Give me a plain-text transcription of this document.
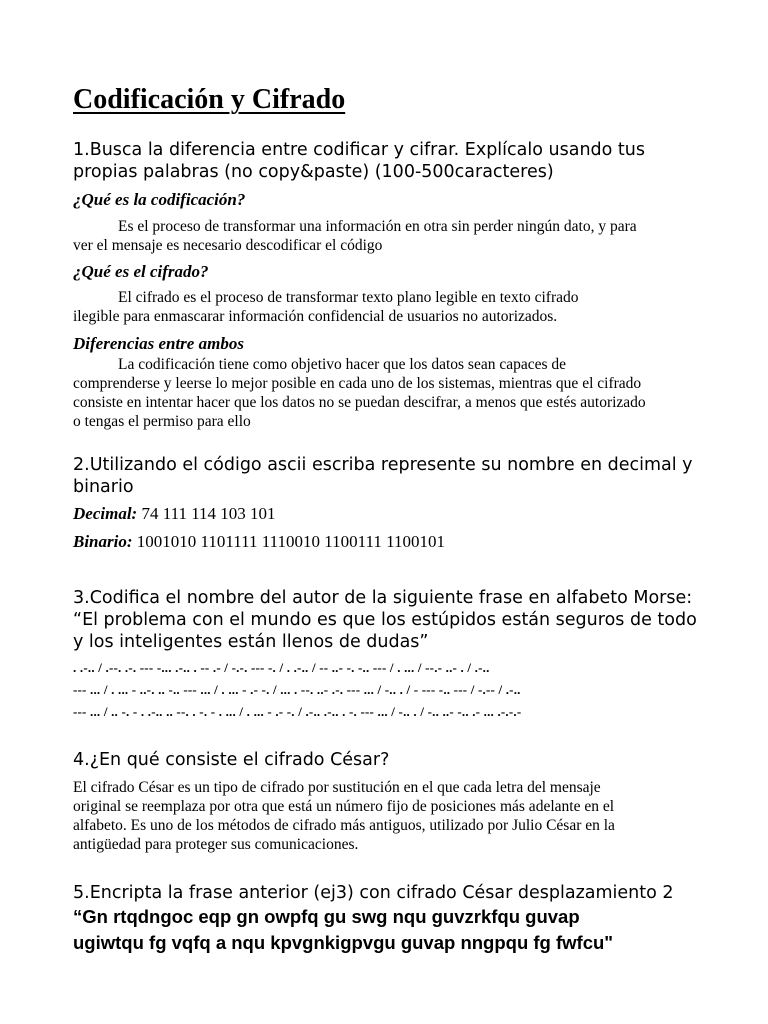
Codificación y Cifrado

1.Busca la diferencia entre codificar y cifrar. Explícalo usando tus

propias palabras (no copy&paste) (100-500caracteres)

¿Qué es la codificación?

Es el proceso de transformar una información en otra sin perder ningún dato, y para
ver el mensaje es necesario descodificar el código

¿Qué es el cifrado?

El cifrado es el proceso de transformar texto plano legible en texto cifrado
ilegible para enmascarar información confidencial de usuarios no autorizados.

Diferencias entre ambos

La codificación tiene como objetivo hacer que los datos sean capaces de
comprenderse y leerse lo mejor posible en cada uno de los sistemas, mientras que el cifrado
consiste en intentar hacer que los datos no se puedan descifrar, a menos que estés autorizado
o tengas el permiso para ello

2.Utilizando el código ascii escriba represente su nombre en decimal y

binario

Decimal: 74 111 114 103 101

Binario: 1001010 1101111 1110010 1100111 1100101

3.Codifica el nombre del autor de la siguiente frase en alfabeto Morse:

“El problema con el mundo es que los estúpidos están seguros de todo

y los inteligentes están llenos de dudas”

. .-.. / .--. .-. --- -... .-.. . -- .- / -.-. --- -. / . .-.. / -- ..- -. -.. --- / . ... / --.- ..- . / .-..
--- ... / . ... - ..-. .. -.. --- ... / . ... - .- -. / ... . --. ..- .-. --- ... / -.. . / - --- -.. --- / -.-- / .-..
--- ... / .. -. - . .-.. .. --. . -. - . ... / . ... - .- -. / .-.. .-.. . -. --- ... / -.. . / -.. ..- -.. .- ... .-.-.-

4.¿En qué consiste el cifrado César?

El cifrado César es un tipo de cifrado por sustitución en el que cada letra del mensaje
original se reemplaza por otra que está un número fijo de posiciones más adelante en el
alfabeto. Es uno de los métodos de cifrado más antiguos, utilizado por Julio César en la
antigüedad para proteger sus comunicaciones.

5.Encripta la frase anterior (ej3) con cifrado César desplazamiento 2

“Gn rtqdngoc eqp gn owpfq gu swg nqu guvzrkfqu guvap
ugiwtqu fg vqfq a nqu kpvgnkigpvgu guvap nngpqu fg fwfcu"
